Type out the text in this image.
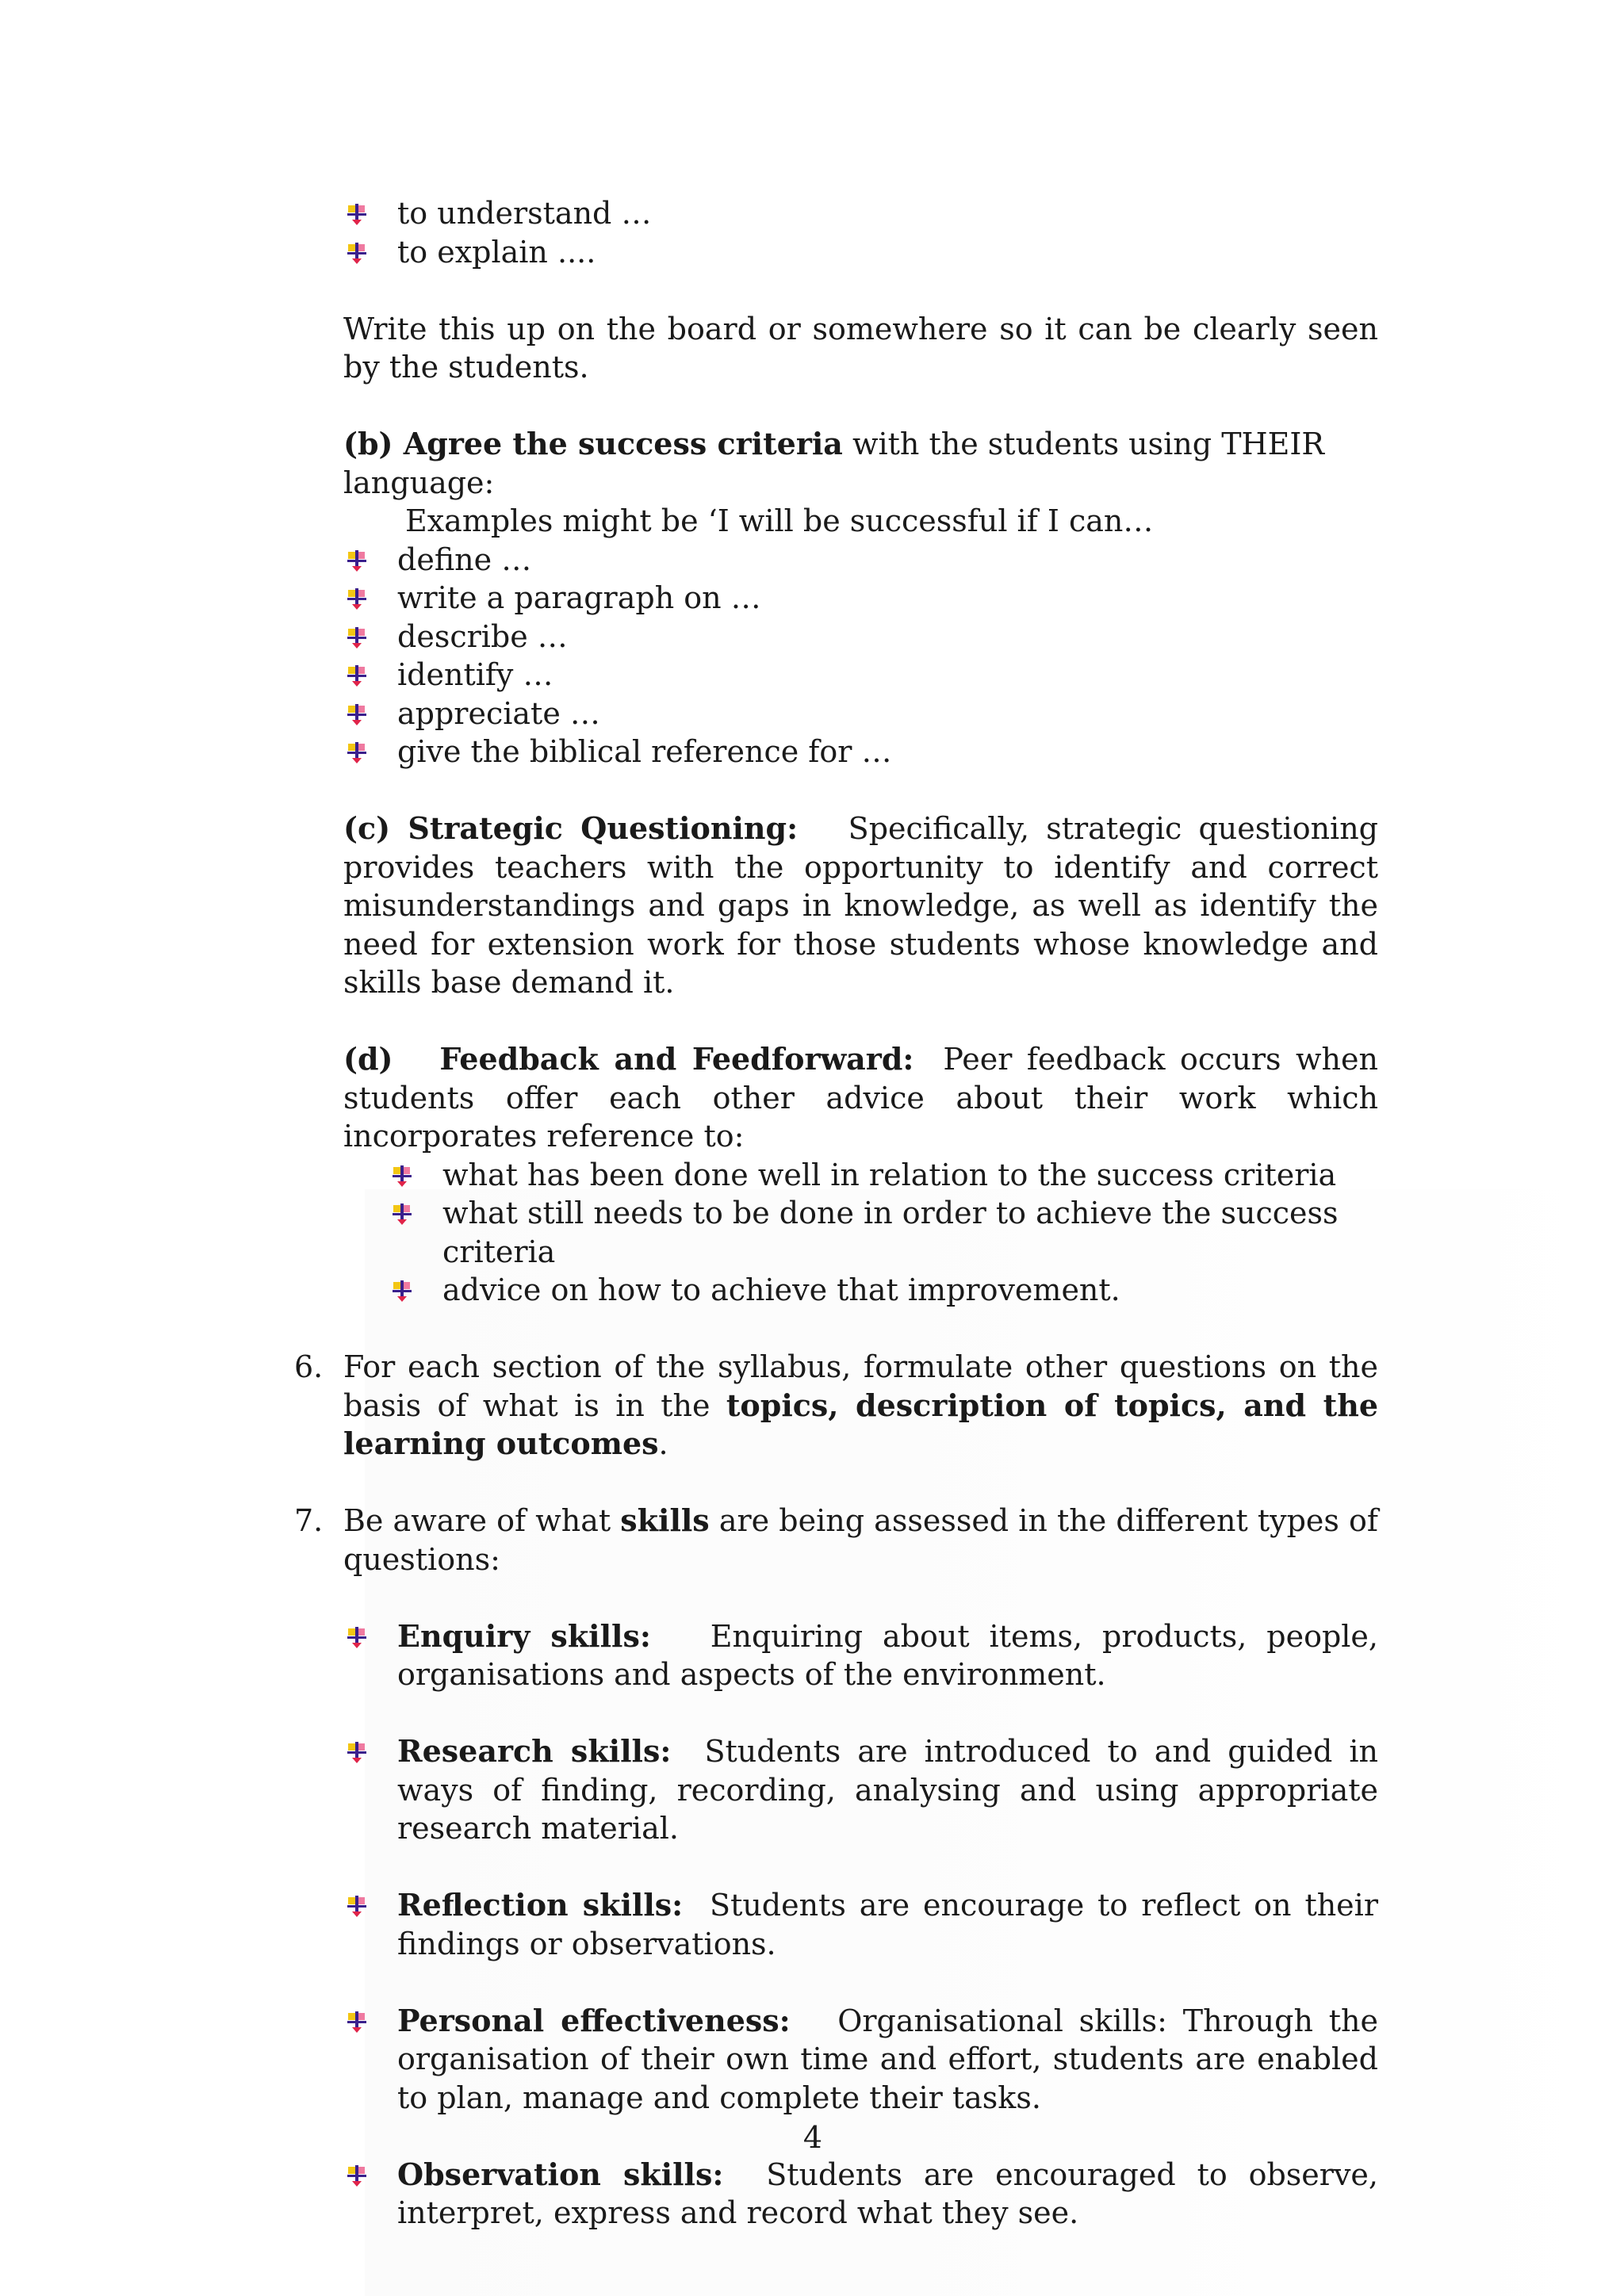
to understand …
to explain ....

Write this up on the board or somewhere so it can be clearly seen by the students.

(b) Agree the success criteria with the students using THEIR language:

Examples might be ‘I will be successful if I can…

define …
write a paragraph on …
describe …
identify …
appreciate …
give the biblical reference for …

(c) Strategic Questioning: Specifically, strategic questioning provides teachers with the opportunity to identify and correct misunderstandings and gaps in knowledge, as well as identify the need for extension work for those students whose knowledge and skills base demand it.

(d)   Feedback and Feedforward: Peer feedback occurs when students offer each other advice about their work which incorporates reference to:

what has been done well in relation to the success criteria
what still needs to be done in order to achieve the success criteria
advice on how to achieve that improvement.
6. For each section of the syllabus, formulate other questions on the basis of what is in the topics, description of topics, and the learning outcomes.

7. Be aware of what skills are being assessed in the different types of questions:

Enquiry skills: Enquiring about items, products, people, organisations and aspects of the environment.

Research skills: Students are introduced to and guided in ways of finding, recording, analysing and using appropriate research material.

Reflection skills: Students are encourage to reflect on their findings or observations.

Personal effectiveness: Organisational skills: Through the organisation of their own time and effort, students are enabled to plan, manage and complete their tasks.

Observation skills: Students are encouraged to observe, interpret, express and record what they see.

4
